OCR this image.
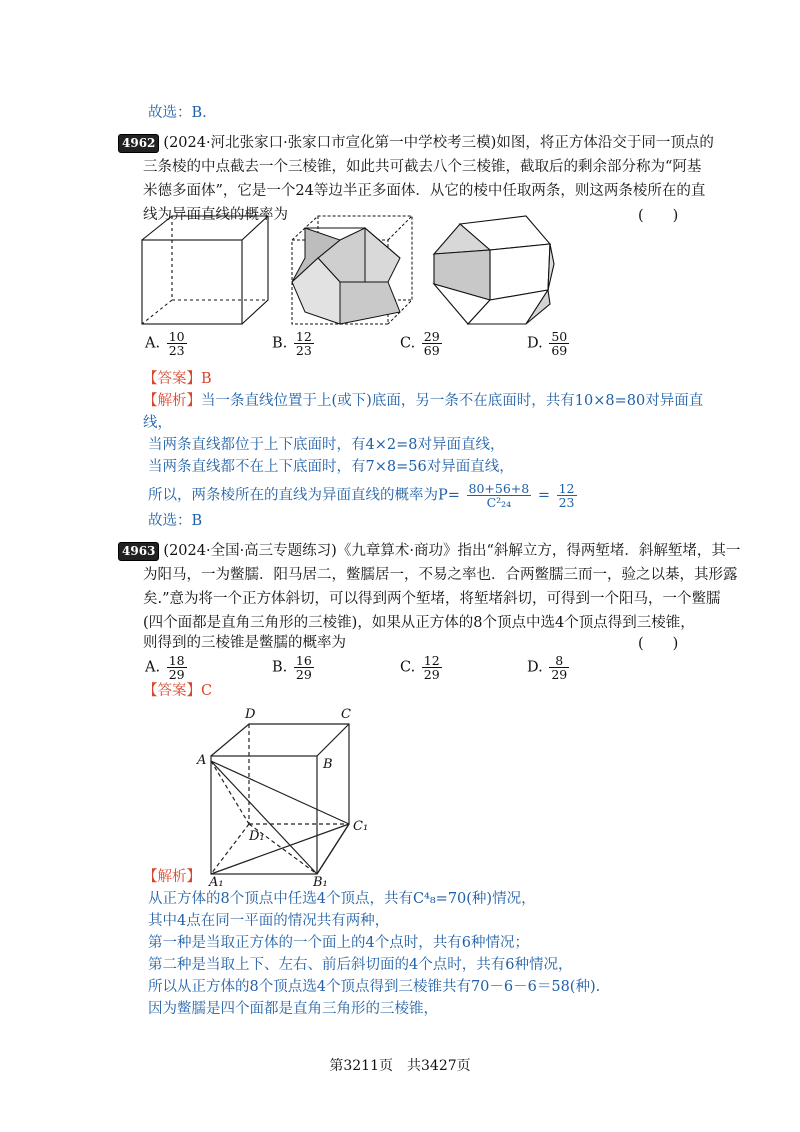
故选：B.
4962 (2024·河北张家口·张家口市宣化第一中学校考三模)如图，将正方体沿交于同一顶点的
三条棱的中点截去一个三棱锥，如此共可截去八个三棱锥，截取后的剩余部分称为“阿基
米德多面体”，它是一个24等边半正多面体．从它的棱中任取两条，则这两条棱所在的直
线为异面直线的概率为	(　　)
A. $\frac{10}{23}$	B. $\frac{12}{23}$	C. $\frac{29}{69}$	D. $\frac{50}{69}$
【答案】B
【解析】当一条直线位置于上(或下)底面，另一条不在底面时，共有10×8=80对异面直
线，
当两条直线都位于上下底面时，有4×2=8对异面直线，
当两条直线都不在上下底面时，有7×8=56对异面直线，
所以，两条棱所在的直线为异面直线的概率为$P= \frac{80+56+8}{\text{C²₂₄}} = \frac{12}{23}$
故选：B
4963 (2024·全国·高三专题练习)《九章算术·商功》指出“斜解立方，得两堑堵．斜解堑堵，其一
为阳马，一为鳖臑．阳马居二，鳖臑居一，不易之率也．合两鳖臑三而一，验之以棊，其形露
矣.”意为将一个正方体斜切，可以得到两个堑堵，将堑堵斜切，可得到一个阳马，一个鳖臑
(四个面都是直角三角形的三棱锥)，如果从正方体的8个顶点中选4个顶点得到三棱锥，
则得到的三棱锥是鳖臑的概率为	(　　)
A. $\frac{18}{29}$	B. $\frac{16}{29}$	C. $\frac{12}{29}$	D. $\frac{8}{29}$
【答案】C
D	C
A	B
D₁
C₁
A₁	B₁
【解析】
从正方体的8个顶点中任选4个顶点，共有C⁴₈=70(种)情况，
其中4点在同一平面的情况共有两种，
第一种是当取正方体的一个面上的4个点时，共有6种情况；
第二种是当取上下、左右、前后斜切面的4个点时，共有6种情况，
所以从正方体的8个顶点选4个顶点得到三棱锥共有70－6－6＝58(种).
因为鳖臑是四个面都是直角三角形的三棱锥，
第3211页  共3427页
